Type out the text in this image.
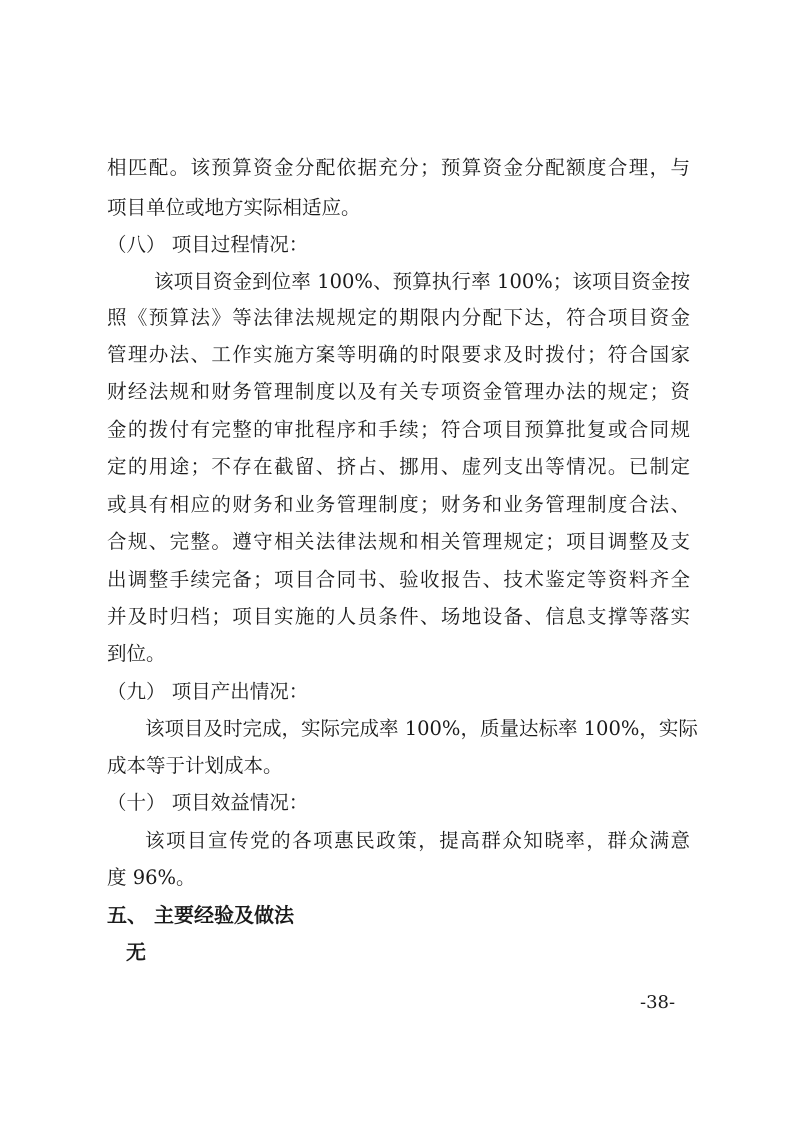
相匹配。该预算资金分配依据充分；预算资金分配额度合理，与
项目单位或地方实际相适应。
（八） 项目过程情况：
该项目资金到位率 100%、预算执行率 100%；该项目资金按
照《预算法》等法律法规规定的期限内分配下达，符合项目资金
管理办法、工作实施方案等明确的时限要求及时拨付；符合国家
财经法规和财务管理制度以及有关专项资金管理办法的规定；资
金的拨付有完整的审批程序和手续；符合项目预算批复或合同规
定的用途；不存在截留、挤占、挪用、虚列支出等情况。已制定
或具有相应的财务和业务管理制度；财务和业务管理制度合法、
合规、完整。遵守相关法律法规和相关管理规定；项目调整及支
出调整手续完备；项目合同书、验收报告、技术鉴定等资料齐全
并及时归档；项目实施的人员条件、场地设备、信息支撑等落实
到位。
（九） 项目产出情况：
该项目及时完成，实际完成率 100%，质量达标率 100%，实际
成本等于计划成本。
（十） 项目效益情况：
该项目宣传党的各项惠民政策，提高群众知晓率，群众满意
度 96%。
五、 主要经验及做法
无
-38-
